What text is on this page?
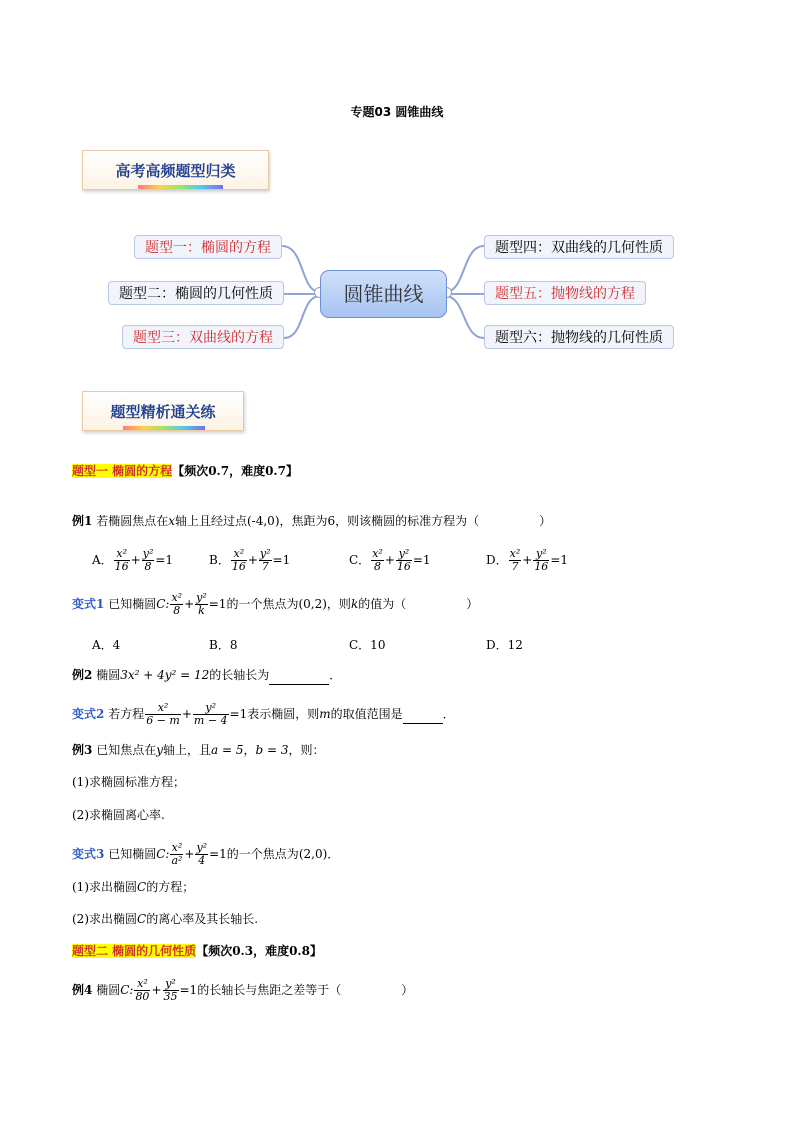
专题03 圆锥曲线
高考高频题型归类
圆锥曲线
题型一：椭圆的方程
题型二：椭圆的几何性质
题型三：双曲线的方程
题型四：双曲线的几何性质
题型五：抛物线的方程
题型六：抛物线的几何性质
题型精析通关练
题型一 椭圆的方程【频次0.7，难度0.7】
例1 若椭圆焦点在x轴上且经过点(-4,0)，焦距为6，则该椭圆的标准方程为（　　　　　）
A． $\frac{\text{x²}}{16} + \frac{\text{y²}}{8} =1$	B． $\frac{\text{x²}}{16} + \frac{\text{y²}}{7} =1$	C． $\frac{\text{x²}}{8} + \frac{\text{y²}}{16} =1$	D． $\frac{\text{x²}}{7} + \frac{\text{y²}}{16} =1$
变式1 已知椭圆C: $\frac{\text{x²}}{8} + \frac{\text{y²}}{k} =1$的一个焦点为(0,2)，则k的值为（　　　　　）
A．4	B．8	C．10	D．12
例2 椭圆3x² + 4y² = 12的长轴长为	．
变式2 若方程 $\frac{\text{x²}}{6 - m} + \frac{\text{y²}}{m - 4} =1$表示椭圆，则m的取值范围是	．
例3 已知焦点在y轴上，且a = 5，b = 3，则：
(1)求椭圆标准方程；
(2)求椭圆离心率.
变式3 已知椭圆C: $\frac{\text{x²}}{\text{a²}} + \frac{\text{y²}}{4} =1$的一个焦点为(2,0)．
(1)求出椭圆C的方程；
(2)求出椭圆C的离心率及其长轴长.
题型二 椭圆的几何性质【频次0.3，难度0.8】
例4 椭圆C: $\frac{\text{x²}}{80} + \frac{\text{y²}}{35} =1$的长轴长与焦距之差等于（　　　　　）
